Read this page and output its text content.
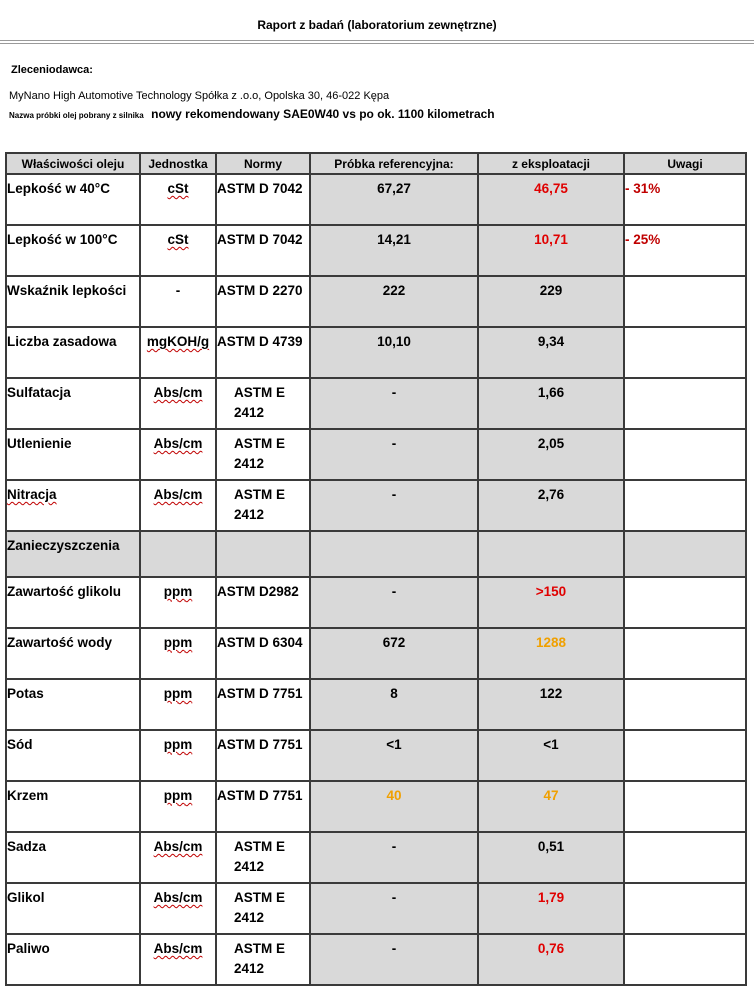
Raport z badań (laboratorium zewnętrzne)
Zleceniodawca:
MyNano High Automotive Technology Spółka z .o.o, Opolska 30, 46-022 Kępa
Nazwa próbki olej pobrany z silnika nowy rekomendowany SAE0W40 vs po ok. 1100 kilometrach
Właściwości oleju	Jednostka	Normy	Próbka referencyjna:	z eksploatacji	Uwagi
Lepkość w 40°C	cSt	ASTM D 7042	67,27	46,75	- 31%
Lepkość w 100°C	cSt	ASTM D 7042	14,21	10,71	- 25%
Wskaźnik lepkości	-	ASTM D 2270	222	229	
Liczba zasadowa	mgKOH/g	ASTM D 4739	10,10	9,34	
Sulfatacja	Abs/cm	ASTM E 2412	-	1,66	
Utlenienie	Abs/cm	ASTM E 2412	-	2,05	
Nitracja	Abs/cm	ASTM E 2412	-	2,76	
Zanieczyszczenia					
Zawartość glikolu	ppm	ASTM D2982	-	>150	
Zawartość wody	ppm	ASTM D 6304	672	1288	
Potas	ppm	ASTM D 7751	8	122	
Sód	ppm	ASTM D 7751	<1	<1	
Krzem	ppm	ASTM D 7751	40	47	
Sadza	Abs/cm	ASTM E 2412	-	0,51	
Glikol	Abs/cm	ASTM E 2412	-	1,79	
Paliwo	Abs/cm	ASTM E 2412	-	0,76	
